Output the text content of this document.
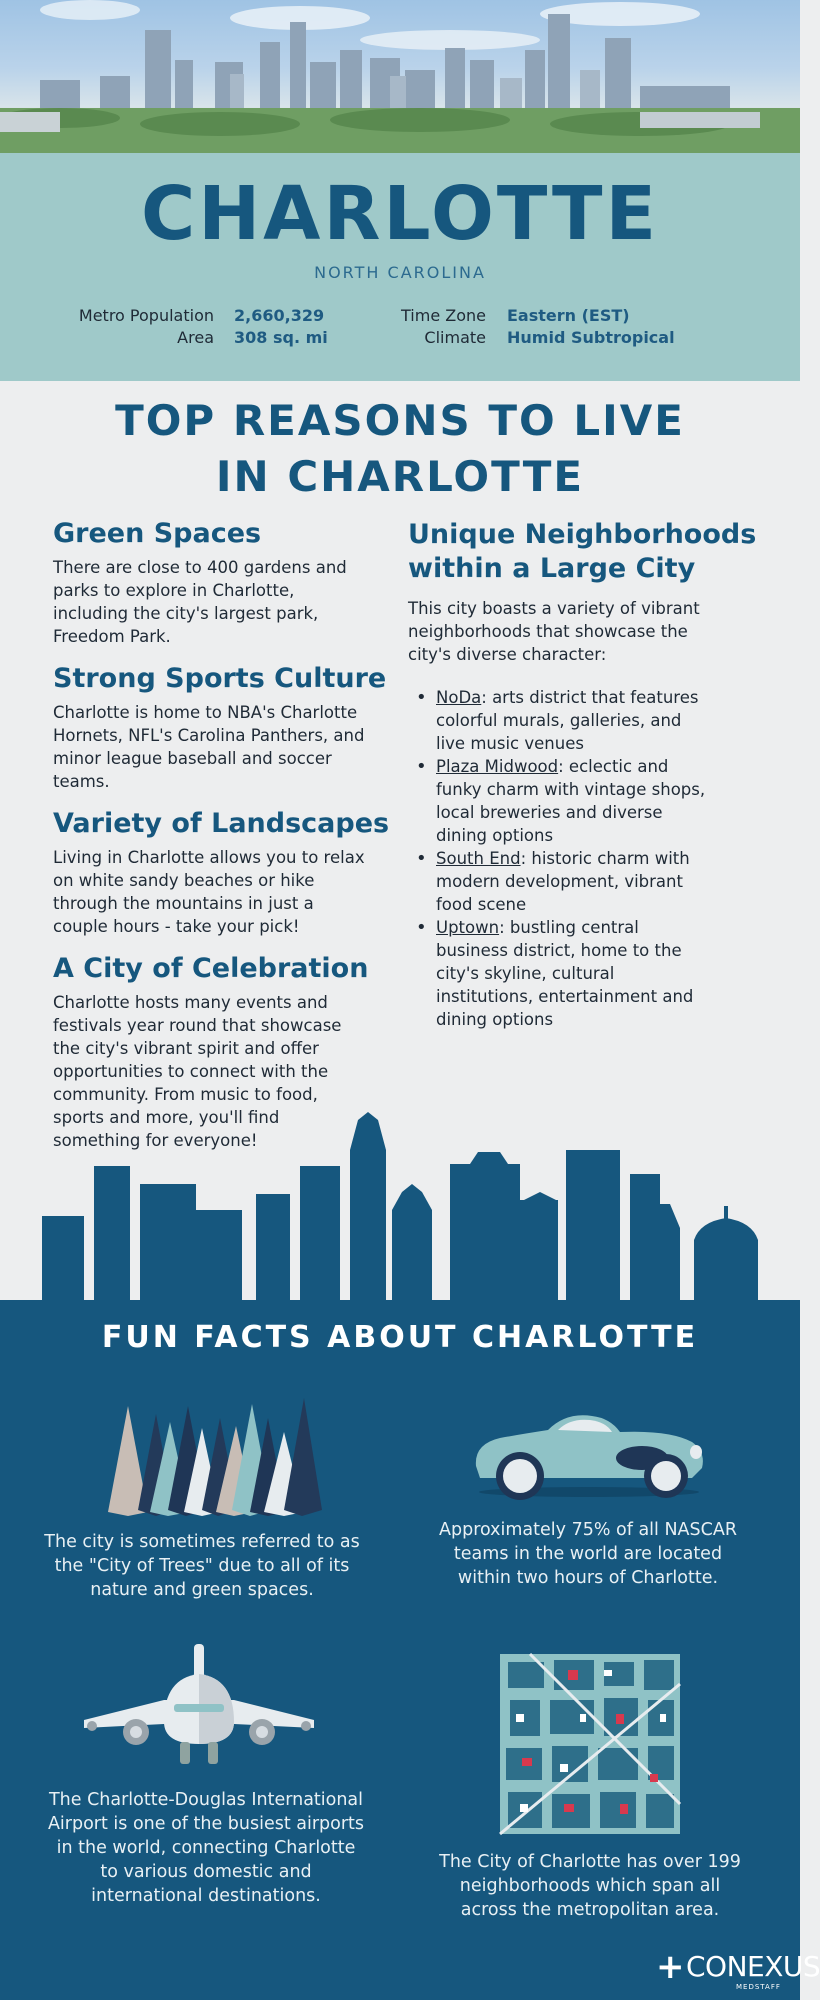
CHARLOTTE
NORTH CAROLINA
Metro Population 2,660,329
Area 308 sq. mi
Time Zone Eastern (EST)
Climate Humid Subtropical
TOP REASONS TO LIVE
IN CHARLOTTE
Green Spaces
There are close to 400 gardens and parks to explore in Charlotte, including the city's largest park, Freedom Park.
Strong Sports Culture
Charlotte is home to NBA's Charlotte Hornets, NFL's Carolina Panthers, and minor league baseball and soccer teams.
Variety of Landscapes
Living in Charlotte allows you to relax on white sandy beaches or hike through the mountains in just a couple hours - take your pick!
A City of Celebration
Charlotte hosts many events and festivals year round that showcase the city's vibrant spirit and offer opportunities to connect with the community. From music to food, sports and more, you'll find something for everyone!
Unique Neighborhoods
within a Large City
This city boasts a variety of vibrant neighborhoods that showcase the city's diverse character:
• NoDa: arts district that features colorful murals, galleries, and live music venues
• Plaza Midwood: eclectic and funky charm with vintage shops, local breweries and diverse dining options
• South End: historic charm with modern development, vibrant food scene
• Uptown: bustling central business district, home to the city's skyline, cultural institutions, entertainment and dining options
FUN FACTS ABOUT CHARLOTTE
The city is sometimes referred to as the "City of Trees" due to all of its nature and green spaces.
Approximately 75% of all NASCAR teams in the world are located within two hours of Charlotte.
The Charlotte-Douglas International Airport is one of the busiest airports in the world, connecting Charlotte to various domestic and international destinations.
The City of Charlotte has over 199 neighborhoods which span all across the metropolitan area.
+ CONEXUS
MEDSTAFF
